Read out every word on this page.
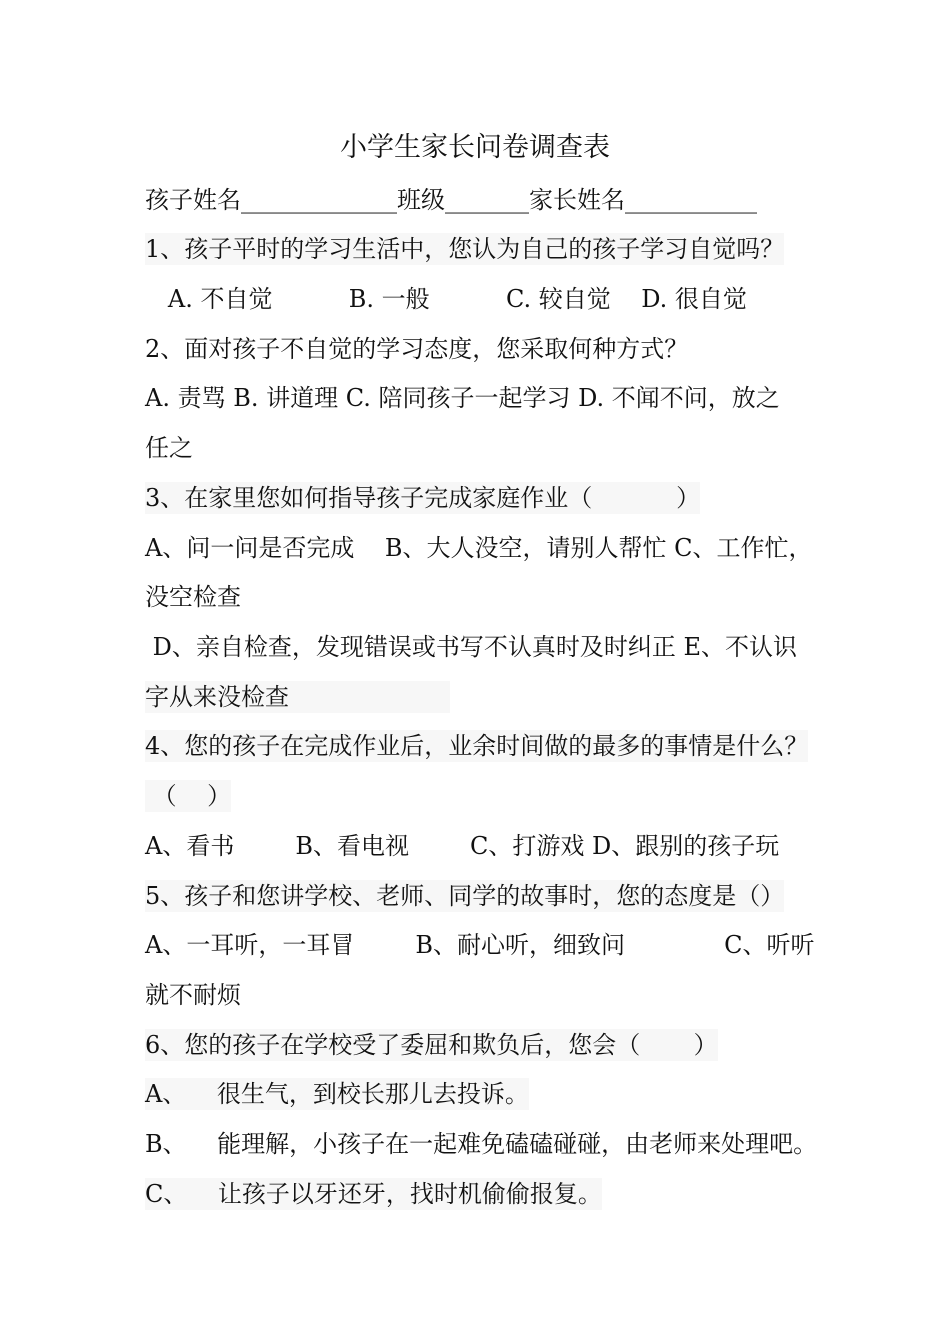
小学生家长问卷调查表
孩子姓名_____________班级_______家长姓名___________
1、孩子平时的学习生活中，您认为自己的孩子学习自觉吗？
A. 不自觉          B. 一般          C. 较自觉    D. 很自觉
2、面对孩子不自觉的学习态度，您采取何种方式？
A. 责骂 B. 讲道理 C. 陪同孩子一起学习 D. 不闻不问，放之
任之
3、在家里您如何指导孩子完成家庭作业（           ）
A、问一问是否完成    B、大人没空，请别人帮忙 C、工作忙，
没空检查
D、亲自检查，发现错误或书写不认真时及时纠正 E、不认识
字从来没检查
4、您的孩子在完成作业后，业余时间做的最多的事情是什么？
（    ）
A、看书        B、看电视        C、打游戏 D、跟别的孩子玩
5、孩子和您讲学校、老师、同学的故事时，您的态度是（）
A、一耳听，一耳冒        B、耐心听，细致问             C、听听
就不耐烦
6、您的孩子在学校受了委屈和欺负后，您会（       ）
A、    很生气，到校长那儿去投诉。
B、    能理解，小孩子在一起难免磕磕碰碰，由老师来处理吧。
C、    让孩子以牙还牙，找时机偷偷报复。
